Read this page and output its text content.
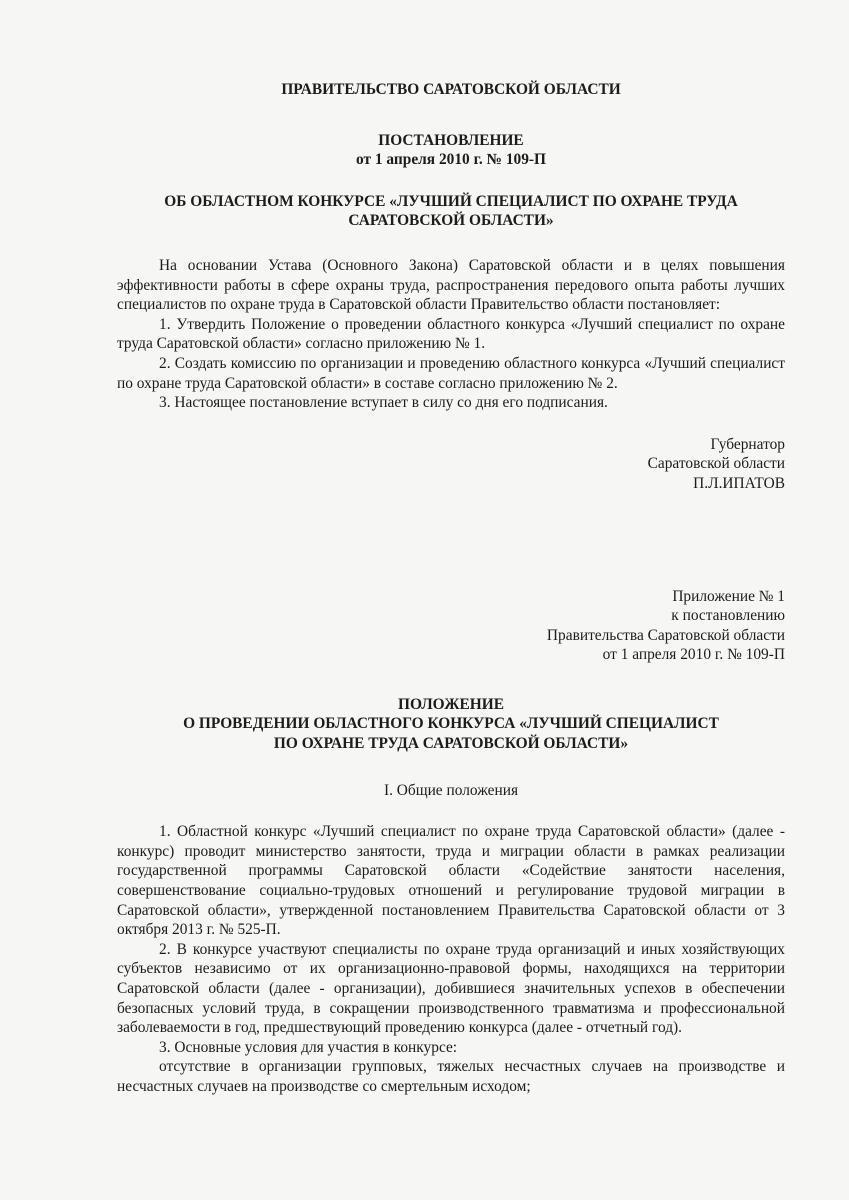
ПРАВИТЕЛЬСТВО САРАТОВСКОЙ ОБЛАСТИ
ПОСТАНОВЛЕНИЕ
от 1 апреля 2010 г. № 109-П
ОБ ОБЛАСТНОМ КОНКУРСЕ «ЛУЧШИЙ СПЕЦИАЛИСТ ПО ОХРАНЕ ТРУДА
САРАТОВСКОЙ ОБЛАСТИ»

На основании Устава (Основного Закона) Саратовской области и в целях повышения эффективности работы в сфере охраны труда, распространения передового опыта работы лучших специалистов по охране труда в Саратовской области Правительство области постановляет:

1. Утвердить Положение о проведении областного конкурса «Лучший специалист по охране труда Саратовской области» согласно приложению № 1.

2. Создать комиссию по организации и проведению областного конкурса «Лучший специалист по охране труда Саратовской области» в составе согласно приложению № 2.

3. Настоящее постановление вступает в силу со дня его подписания.

Губернатор
Саратовской области
П.Л.ИПАТОВ
Приложение № 1
к постановлению
Правительства Саратовской области
от 1 апреля 2010 г. № 109-П
ПОЛОЖЕНИЕ
О ПРОВЕДЕНИИ ОБЛАСТНОГО КОНКУРСА «ЛУЧШИЙ СПЕЦИАЛИСТ
ПО ОХРАНЕ ТРУДА САРАТОВСКОЙ ОБЛАСТИ»
I. Общие положения

1. Областной конкурс «Лучший специалист по охране труда Саратовской области» (далее - конкурс) проводит министерство занятости, труда и миграции области в рамках реализации государственной программы Саратовской области «Содействие занятости населения, совершенствование социально-трудовых отношений и регулирование трудовой миграции в Саратовской области», утвержденной постановлением Правительства Саратовской области от 3 октября 2013 г. № 525-П.

2. В конкурсе участвуют специалисты по охране труда организаций и иных хозяйствующих субъектов независимо от их организационно-правовой формы, находящихся на территории Саратовской области (далее - организации), добившиеся значительных успехов в обеспечении безопасных условий труда, в сокращении производственного травматизма и профессиональной заболеваемости в год, предшествующий проведению конкурса (далее - отчетный год).

3. Основные условия для участия в конкурсе:

отсутствие в организации групповых, тяжелых несчастных случаев на производстве и несчастных случаев на производстве со смертельным исходом;
